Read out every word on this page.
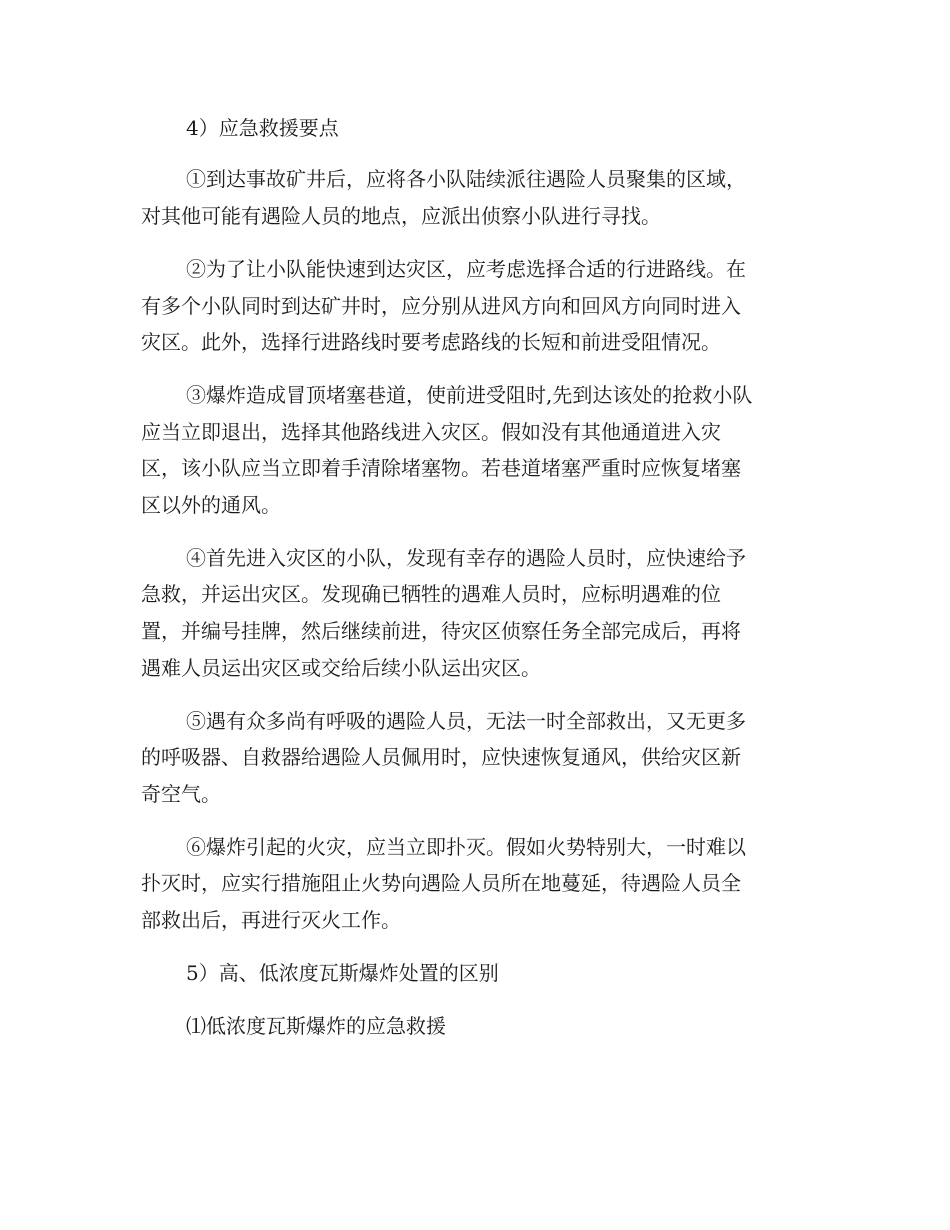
4）应急救援要点
①到达事故矿井后，应将各小队陆续派往遇险人员聚集的区域，
对其他可能有遇险人员的地点，应派出侦察小队进行寻找。
②为了让小队能快速到达灾区，应考虑选择合适的行进路线。在
有多个小队同时到达矿井时，应分别从进风方向和回风方向同时进入
灾区。此外，选择行进路线时要考虑路线的长短和前进受阻情况。
③爆炸造成冒顶堵塞巷道，使前进受阻时,先到达该处的抢救小队
应当立即退出，选择其他路线进入灾区。假如没有其他通道进入灾
区，该小队应当立即着手清除堵塞物。若巷道堵塞严重时应恢复堵塞
区以外的通风。
④首先进入灾区的小队，发现有幸存的遇险人员时，应快速给予
急救，并运出灾区。发现确已牺牲的遇难人员时，应标明遇难的位
置，并编号挂牌，然后继续前进，待灾区侦察任务全部完成后，再将
遇难人员运出灾区或交给后续小队运出灾区。
⑤遇有众多尚有呼吸的遇险人员，无法一时全部救出，又无更多
的呼吸器、自救器给遇险人员佩用时，应快速恢复通风，供给灾区新
奇空气。
⑥爆炸引起的火灾，应当立即扑灭。假如火势特别大，一时难以
扑灭时，应实行措施阻止火势向遇险人员所在地蔓延，待遇险人员全
部救出后，再进行灭火工作。
5）高、低浓度瓦斯爆炸处置的区别
⑴低浓度瓦斯爆炸的应急救援
